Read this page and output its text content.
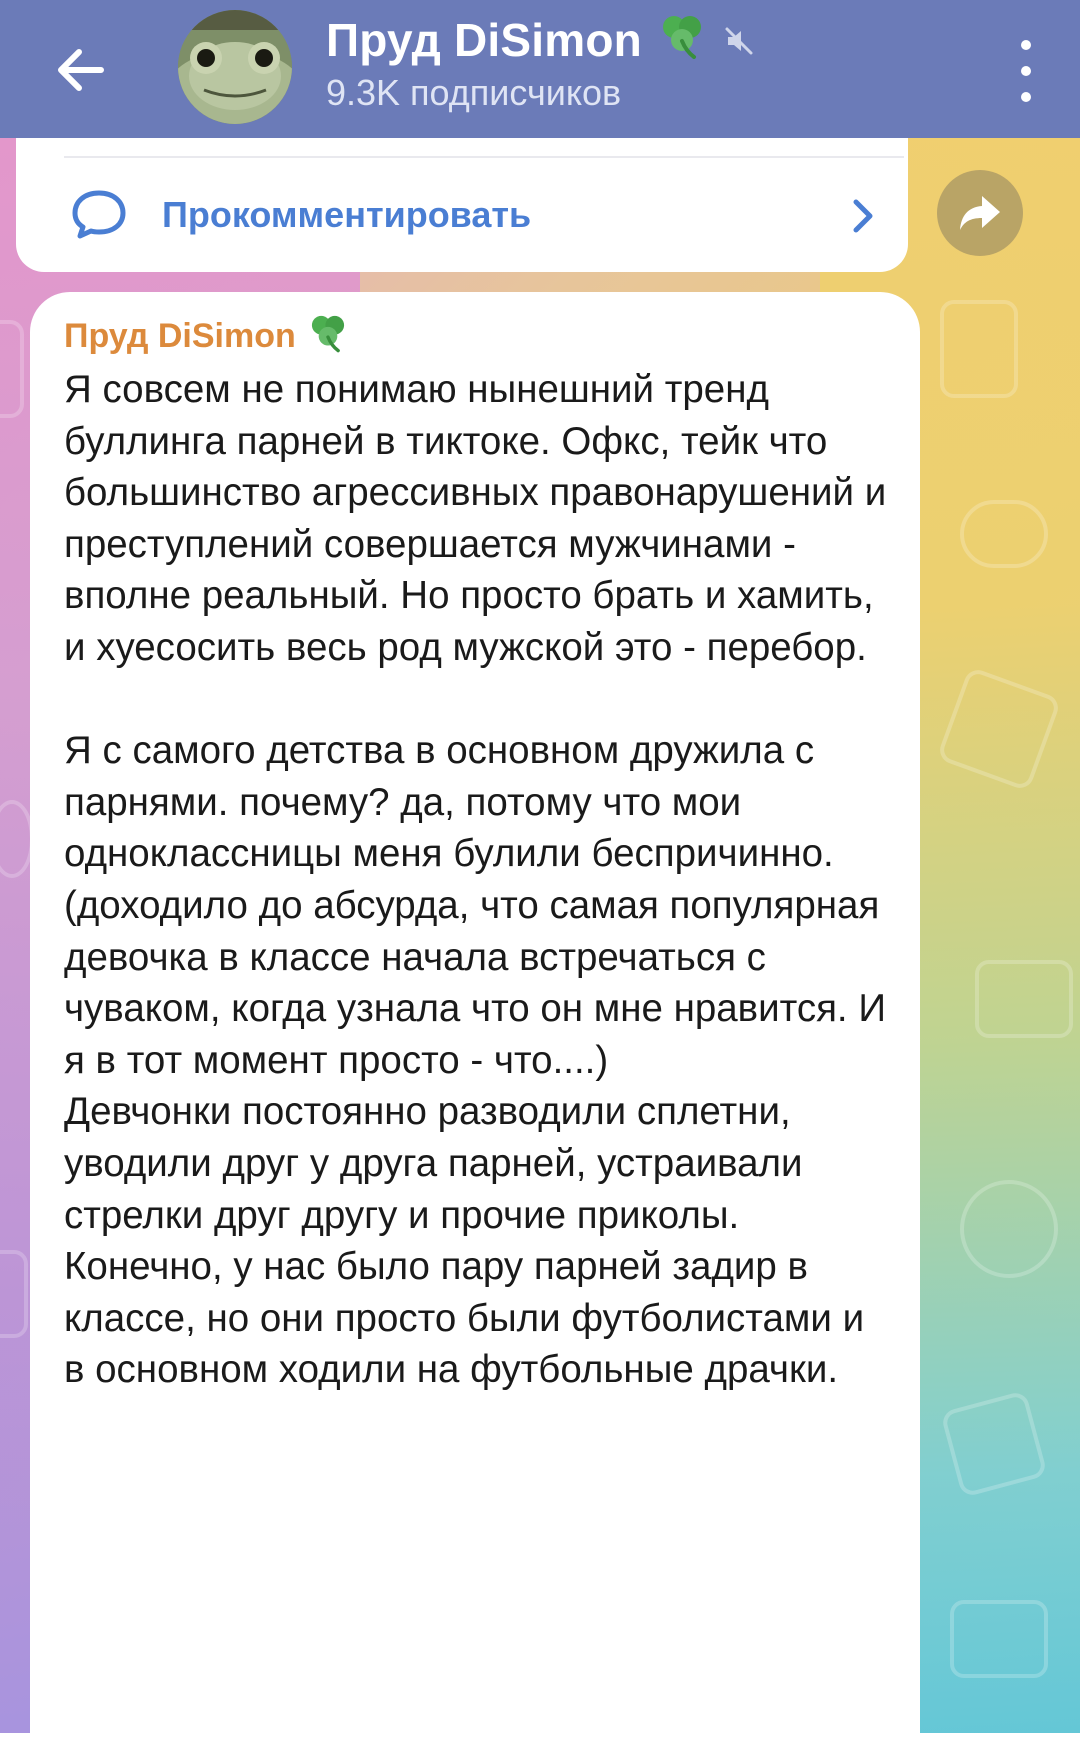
Пруд DiSimon
9.3K подписчиков
Прокомментировать
Пруд DiSimon
Я совсем не понимаю нынешний тренд буллинга парней в тиктоке. Офкс, тейк что большинство агрессивных правонарушений и преступлений совершается мужчинами - вполне реальный. Но просто брать и хамить, и хуесосить весь род мужской это - перебор.

Я с самого детства в основном дружила с парнями. почему? да, потому что мои одноклассницы меня булили беспричинно. (доходило до абсурда, что самая популярная девочка в классе начала встречаться с чуваком, когда узнала что он мне нравится. И я в тот момент просто - что....)
Девчонки постоянно разводили сплетни, уводили друг у друга парней, устраивали стрелки друг другу и прочие приколы. Конечно, у нас было пару парней задир в классе, но они просто были футболистами и в основном ходили на футбольные драчки.
